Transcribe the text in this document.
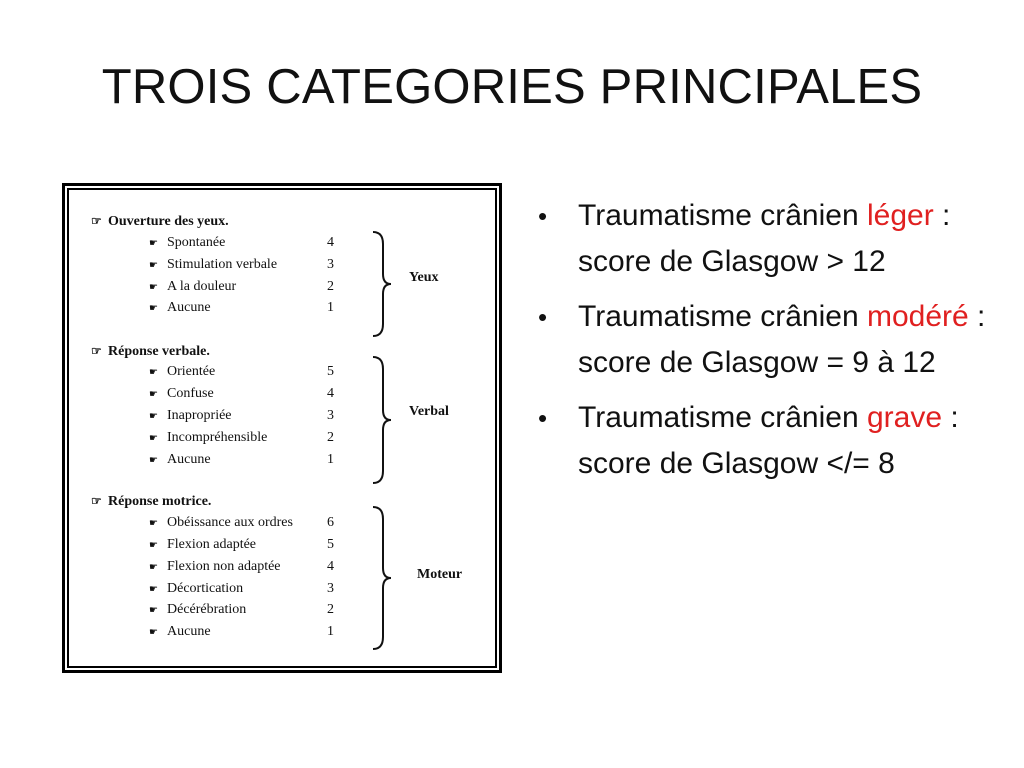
TROIS CATEGORIES PRINCIPALES
☞ Ouverture des yeux.
☛ Spontanée	4
☛ Stimulation verbale	3
☛ A la douleur	2
☛ Aucune	1
Yeux
☞ Réponse verbale.
☛ Orientée	5
☛ Confuse	4
☛ Inapropriée	3
☛ Incompréhensible	2
☛ Aucune	1
Verbal
☞ Réponse motrice.
☛ Obéissance aux ordres 6
☛ Flexion adaptée	5
☛ Flexion non adaptée	4
☛ Décortication	3
☛ Décérébration	2
☛ Aucune	1
Moteur
• Traumatisme crânien léger : score de Glasgow > 12
• Traumatisme crânien modéré : score de Glasgow = 9 à 12
• Traumatisme crânien grave : score de Glasgow </= 8
